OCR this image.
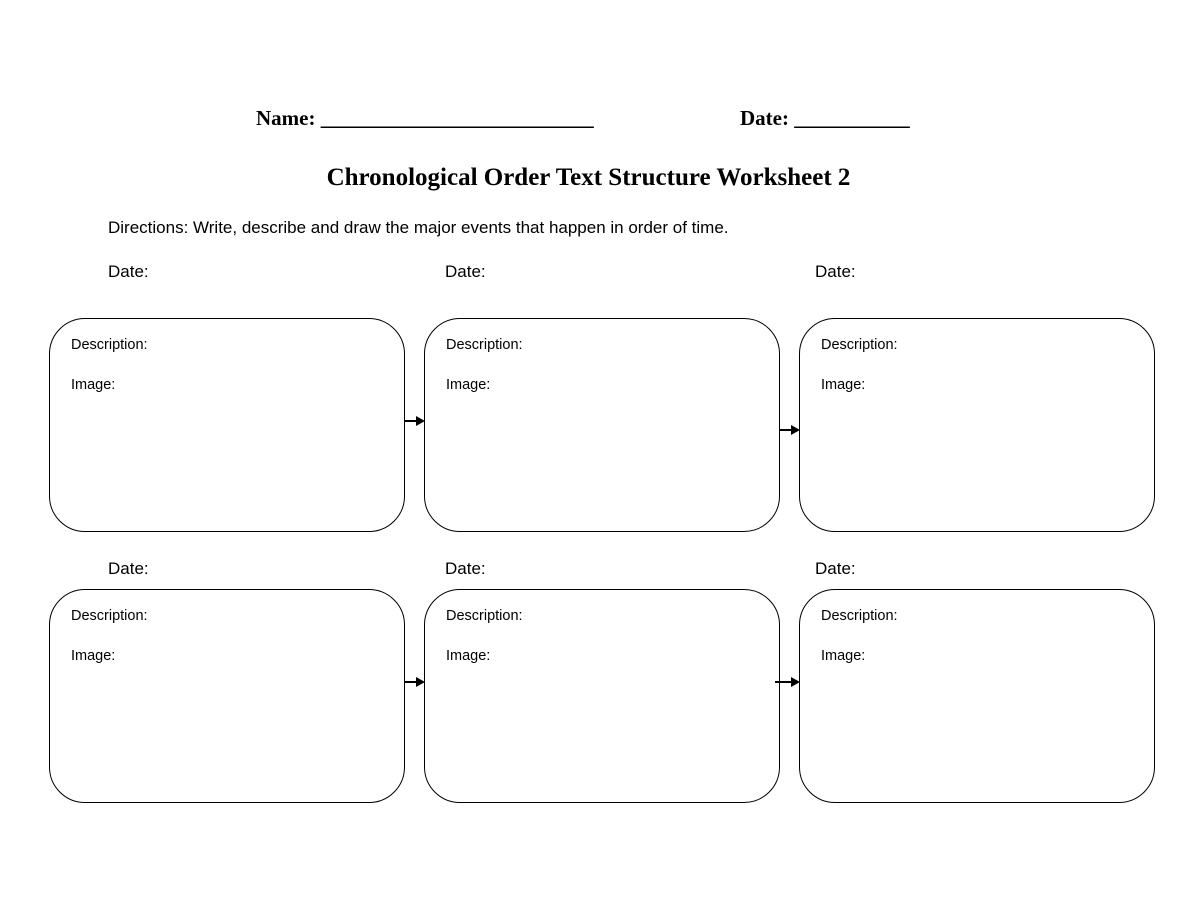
Name: __________________________	Date: ___________
Chronological Order Text Structure Worksheet 2
Directions: Write, describe and draw the major events that happen in order of time.
Date:	Date:	Date:
Description:
Image:
Description:
Image:
Description:
Image:
Date:	Date:	Date:
Description:
Image:
Description:
Image:
Description:
Image:
